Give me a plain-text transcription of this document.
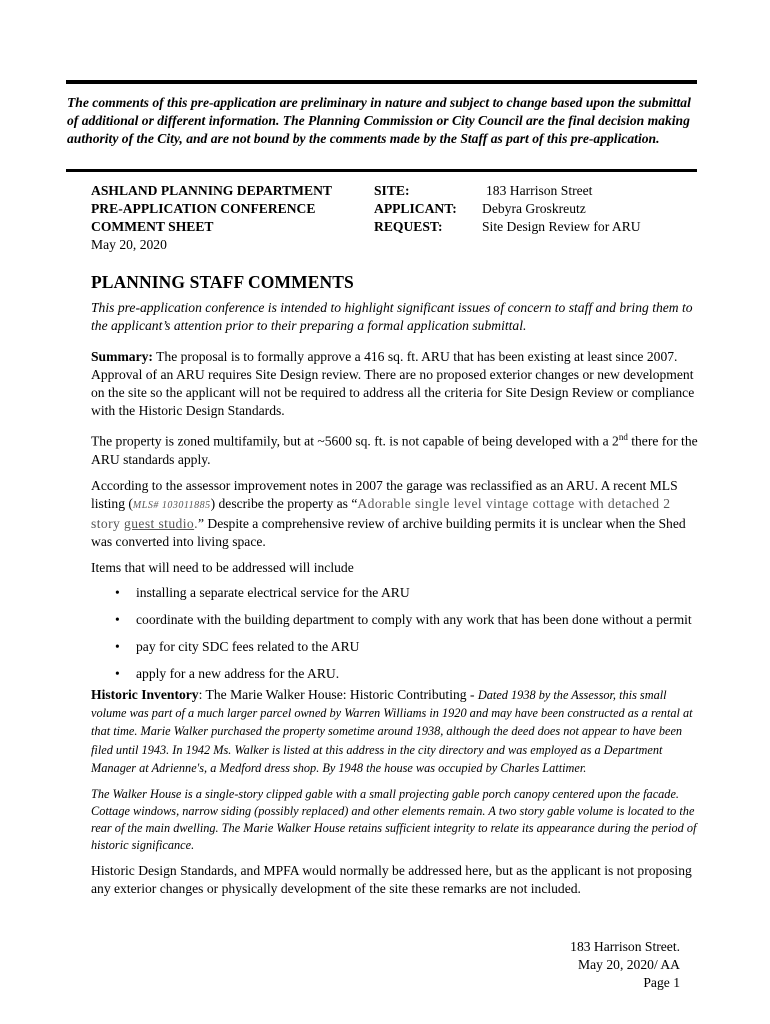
The comments of this pre-application are preliminary in nature and subject to change based upon the submittal of additional or different information. The Planning Commission or City Council are the final decision making authority of the City, and are not bound by the comments made by the Staff as part of this pre-application.
ASHLAND PLANNING DEPARTMENT
PRE-APPLICATION CONFERENCE
COMMENT SHEET
May 20, 2020
SITE:	183 Harrison Street
APPLICANT:	Debyra Groskreutz
REQUEST:	Site Design Review for ARU
PLANNING STAFF COMMENTS

This pre-application conference is intended to highlight significant issues of concern to staff and bring them to the applicant’s attention prior to their preparing a formal application submittal.

Summary: The proposal is to formally approve a 416 sq. ft. ARU that has been existing at least since 2007. Approval of an ARU requires Site Design review. There are no proposed exterior changes or new development on the site so the applicant will not be required to address all the criteria for Site Design Review or compliance with the Historic Design Standards.

The property is zoned multifamily, but at ~5600 sq. ft. is not capable of being developed with a 2nd there for the ARU standards apply.

According to the assessor improvement notes in 2007 the garage was reclassified as an ARU. A recent MLS listing (MLS# 103011885) describe the property as “Adorable single level vintage cottage with detached 2 story guest studio.” Despite a comprehensive review of archive building permits it is unclear when the Shed was converted into living space.

Items that will need to be addressed will include

• installing a separate electrical service for the ARU
• coordinate with the building department to comply with any work that has been done without a permit
• pay for city SDC fees related to the ARU
• apply for a new address for the ARU.

Historic Inventory: The Marie Walker House: Historic Contributing - Dated 1938 by the Assessor, this small volume was part of a much larger parcel owned by Warren Williams in 1920 and may have been constructed as a rental at that time. Marie Walker purchased the property sometime around 1938, although the deed does not appear to have been filed until 1943. In 1942 Ms. Walker is listed at this address in the city directory and was employed as a Department Manager at Adrienne's, a Medford dress shop. By 1948 the house was occupied by Charles Lattimer.

The Walker House is a single-story clipped gable with a small projecting gable porch canopy centered upon the facade. Cottage windows, narrow siding (possibly replaced) and other elements remain. A two story gable volume is located to the rear of the main dwelling. The Marie Walker House retains sufficient integrity to relate its appearance during the period of historic significance.

Historic Design Standards, and MPFA would normally be addressed here, but as the applicant is not proposing any exterior changes or physically development of the site these remarks are not included.

183 Harrison Street.
May 20, 2020/ AA
Page 1
